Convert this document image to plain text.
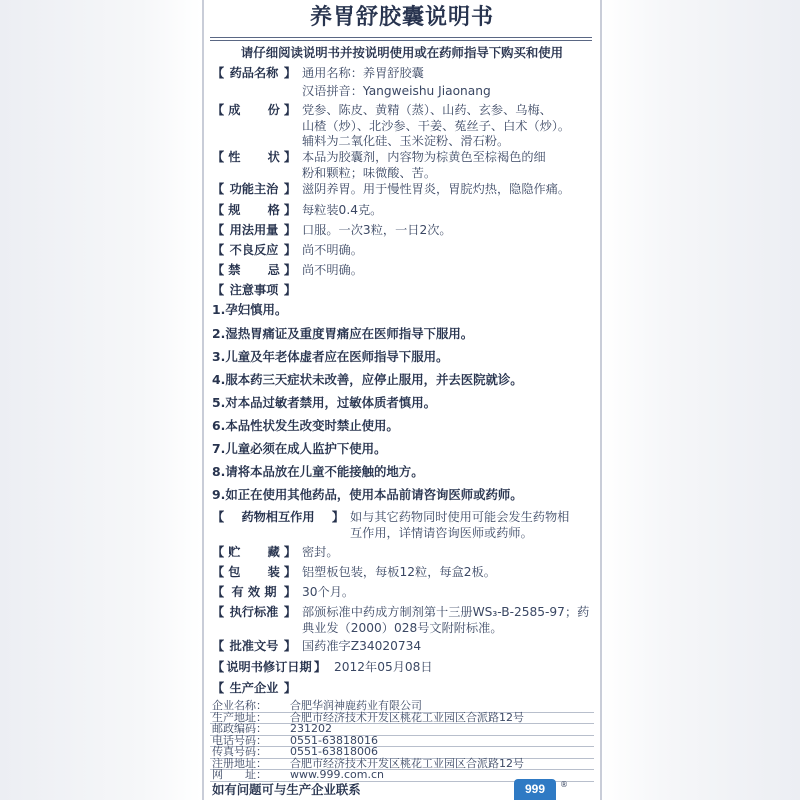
养胃舒胶囊说明书
请仔细阅读说明书并按说明使用或在药师指导下购买和使用
【 药品名称 】 通用名称：养胃舒胶囊
汉语拼音：Yangweishu Jiaonang
【 成　份 】 党参、陈皮、黄精（蒸）、山药、玄参、乌梅、
山楂（炒）、北沙参、干姜、菟丝子、白术（炒）。
辅料为二氧化硅、玉米淀粉、滑石粉。
【 性　状 】 本品为胶囊剂，内容物为棕黄色至棕褐色的细
粉和颗粒；味微酸、苦。
【 功能主治 】 滋阴养胃。用于慢性胃炎，胃脘灼热，隐隐作痛。
【 规　格 】 每粒装0.4克。
【 用法用量 】 口服。一次3粒，一日2次。
【 不良反应 】 尚不明确。
【 禁　忌 】 尚不明确。
【 注意事项 】
1.孕妇慎用。
2.湿热胃痛证及重度胃痛应在医师指导下服用。
3.儿童及年老体虚者应在医师指导下服用。
4.服本药三天症状未改善，应停止服用，并去医院就诊。
5.对本品过敏者禁用，过敏体质者慎用。
6.本品性状发生改变时禁止使用。
7.儿童必须在成人监护下使用。
8.请将本品放在儿童不能接触的地方。
9.如正在使用其他药品，使用本品前请咨询医师或药师。
【	药物相互作用	】 如与其它药物同时使用可能会发生药物相
互作用，详情请咨询医师或药师。
【 贮　藏 】 密封。
【 包　装 】 铝塑板包装，每板12粒，每盒2板。
【 有 效 期 】 30个月。
【 执行标准 】 部颁标准中药成方制剂第十三册WS₃-B-2585-97；药
典业发（2000）028号文附附标准。
【 批准文号 】 国药准字Z34020734
【 说明书修订日期 】 2012年05月08日
【 生产企业 】
如有问题可与生产企业联系
企业名称： 合肥华润神鹿药业有限公司
生产地址： 合肥市经济技术开发区桃花工业园区合派路12号
邮政编码： 231202
电话号码： 0551-63818016
传真号码： 0551-63818006
注册地址： 合肥市经济技术开发区桃花工业园区合派路12号
网　　址： www.999.com.cn
999	®
